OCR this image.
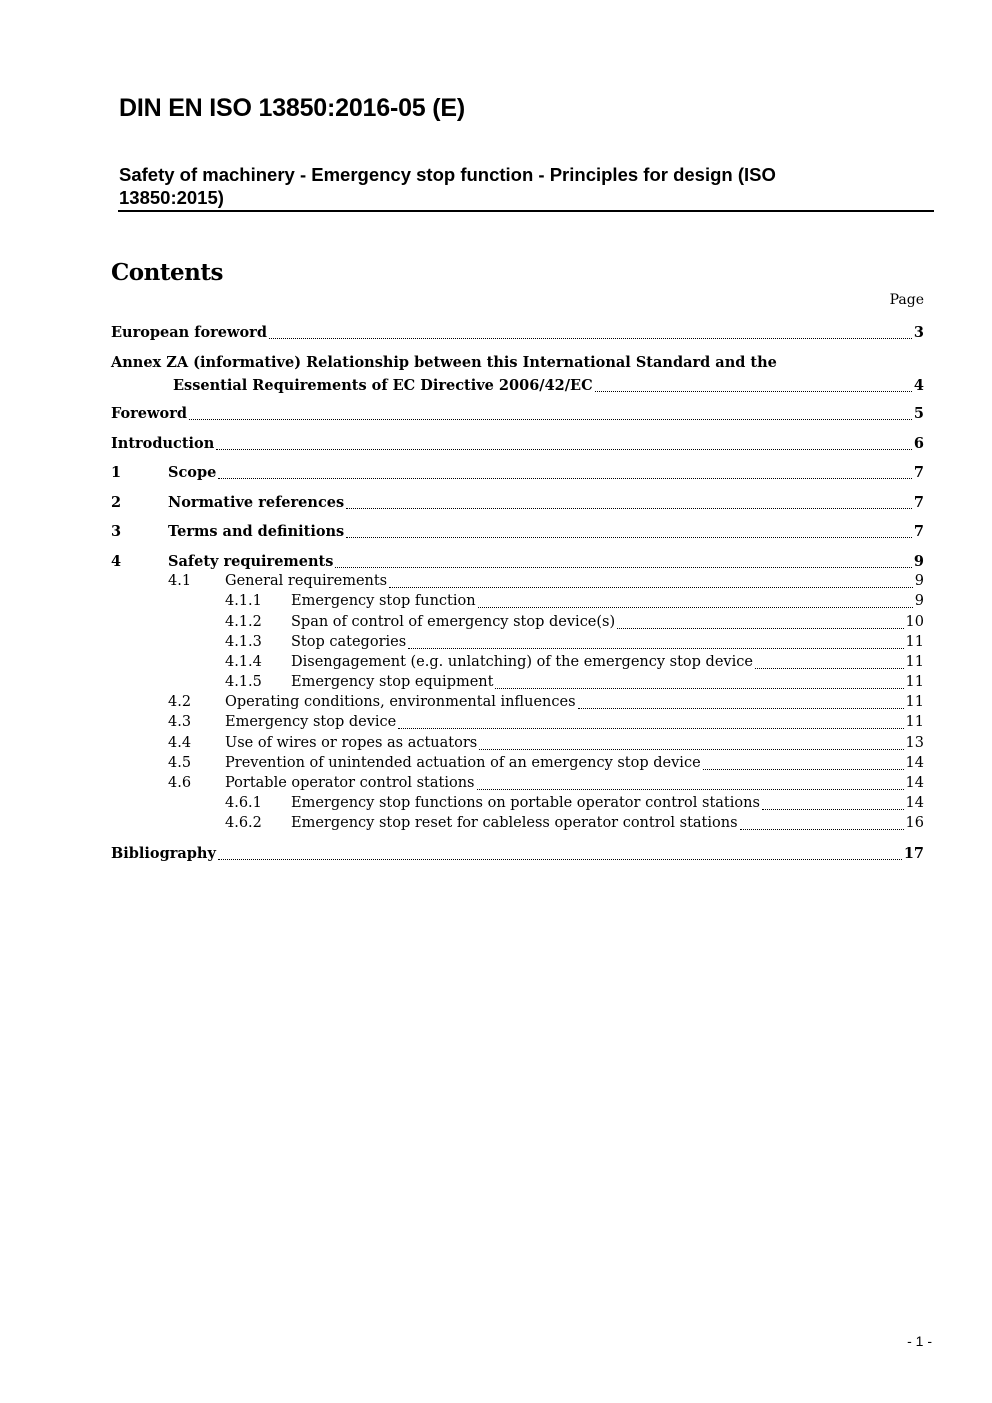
DIN EN ISO 13850:2016-05 (E)
Safety of machinery - Emergency stop function - Principles for design (ISO 13850:2015)
Contents
Page
European foreword	3
Annex ZA (informative) Relationship between this International Standard and the
Essential Requirements of EC Directive 2006/42/EC	4
Foreword	5
Introduction	6
1	Scope	7
2	Normative references	7
3	Terms and definitions	7
4	Safety requirements	9
4.1	General requirements	9
4.1.1	Emergency stop function	9
4.1.2	Span of control of emergency stop device(s)	10
4.1.3	Stop categories	11
4.1.4	Disengagement (e.g. unlatching) of the emergency stop device	11
4.1.5	Emergency stop equipment	11
4.2	Operating conditions, environmental influences	11
4.3	Emergency stop device	11
4.4	Use of wires or ropes as actuators	13
4.5	Prevention of unintended actuation of an emergency stop device	14
4.6	Portable operator control stations	14
4.6.1	Emergency stop functions on portable operator control stations	14
4.6.2	Emergency stop reset for cableless operator control stations	16
Bibliography	17
- 1 -
